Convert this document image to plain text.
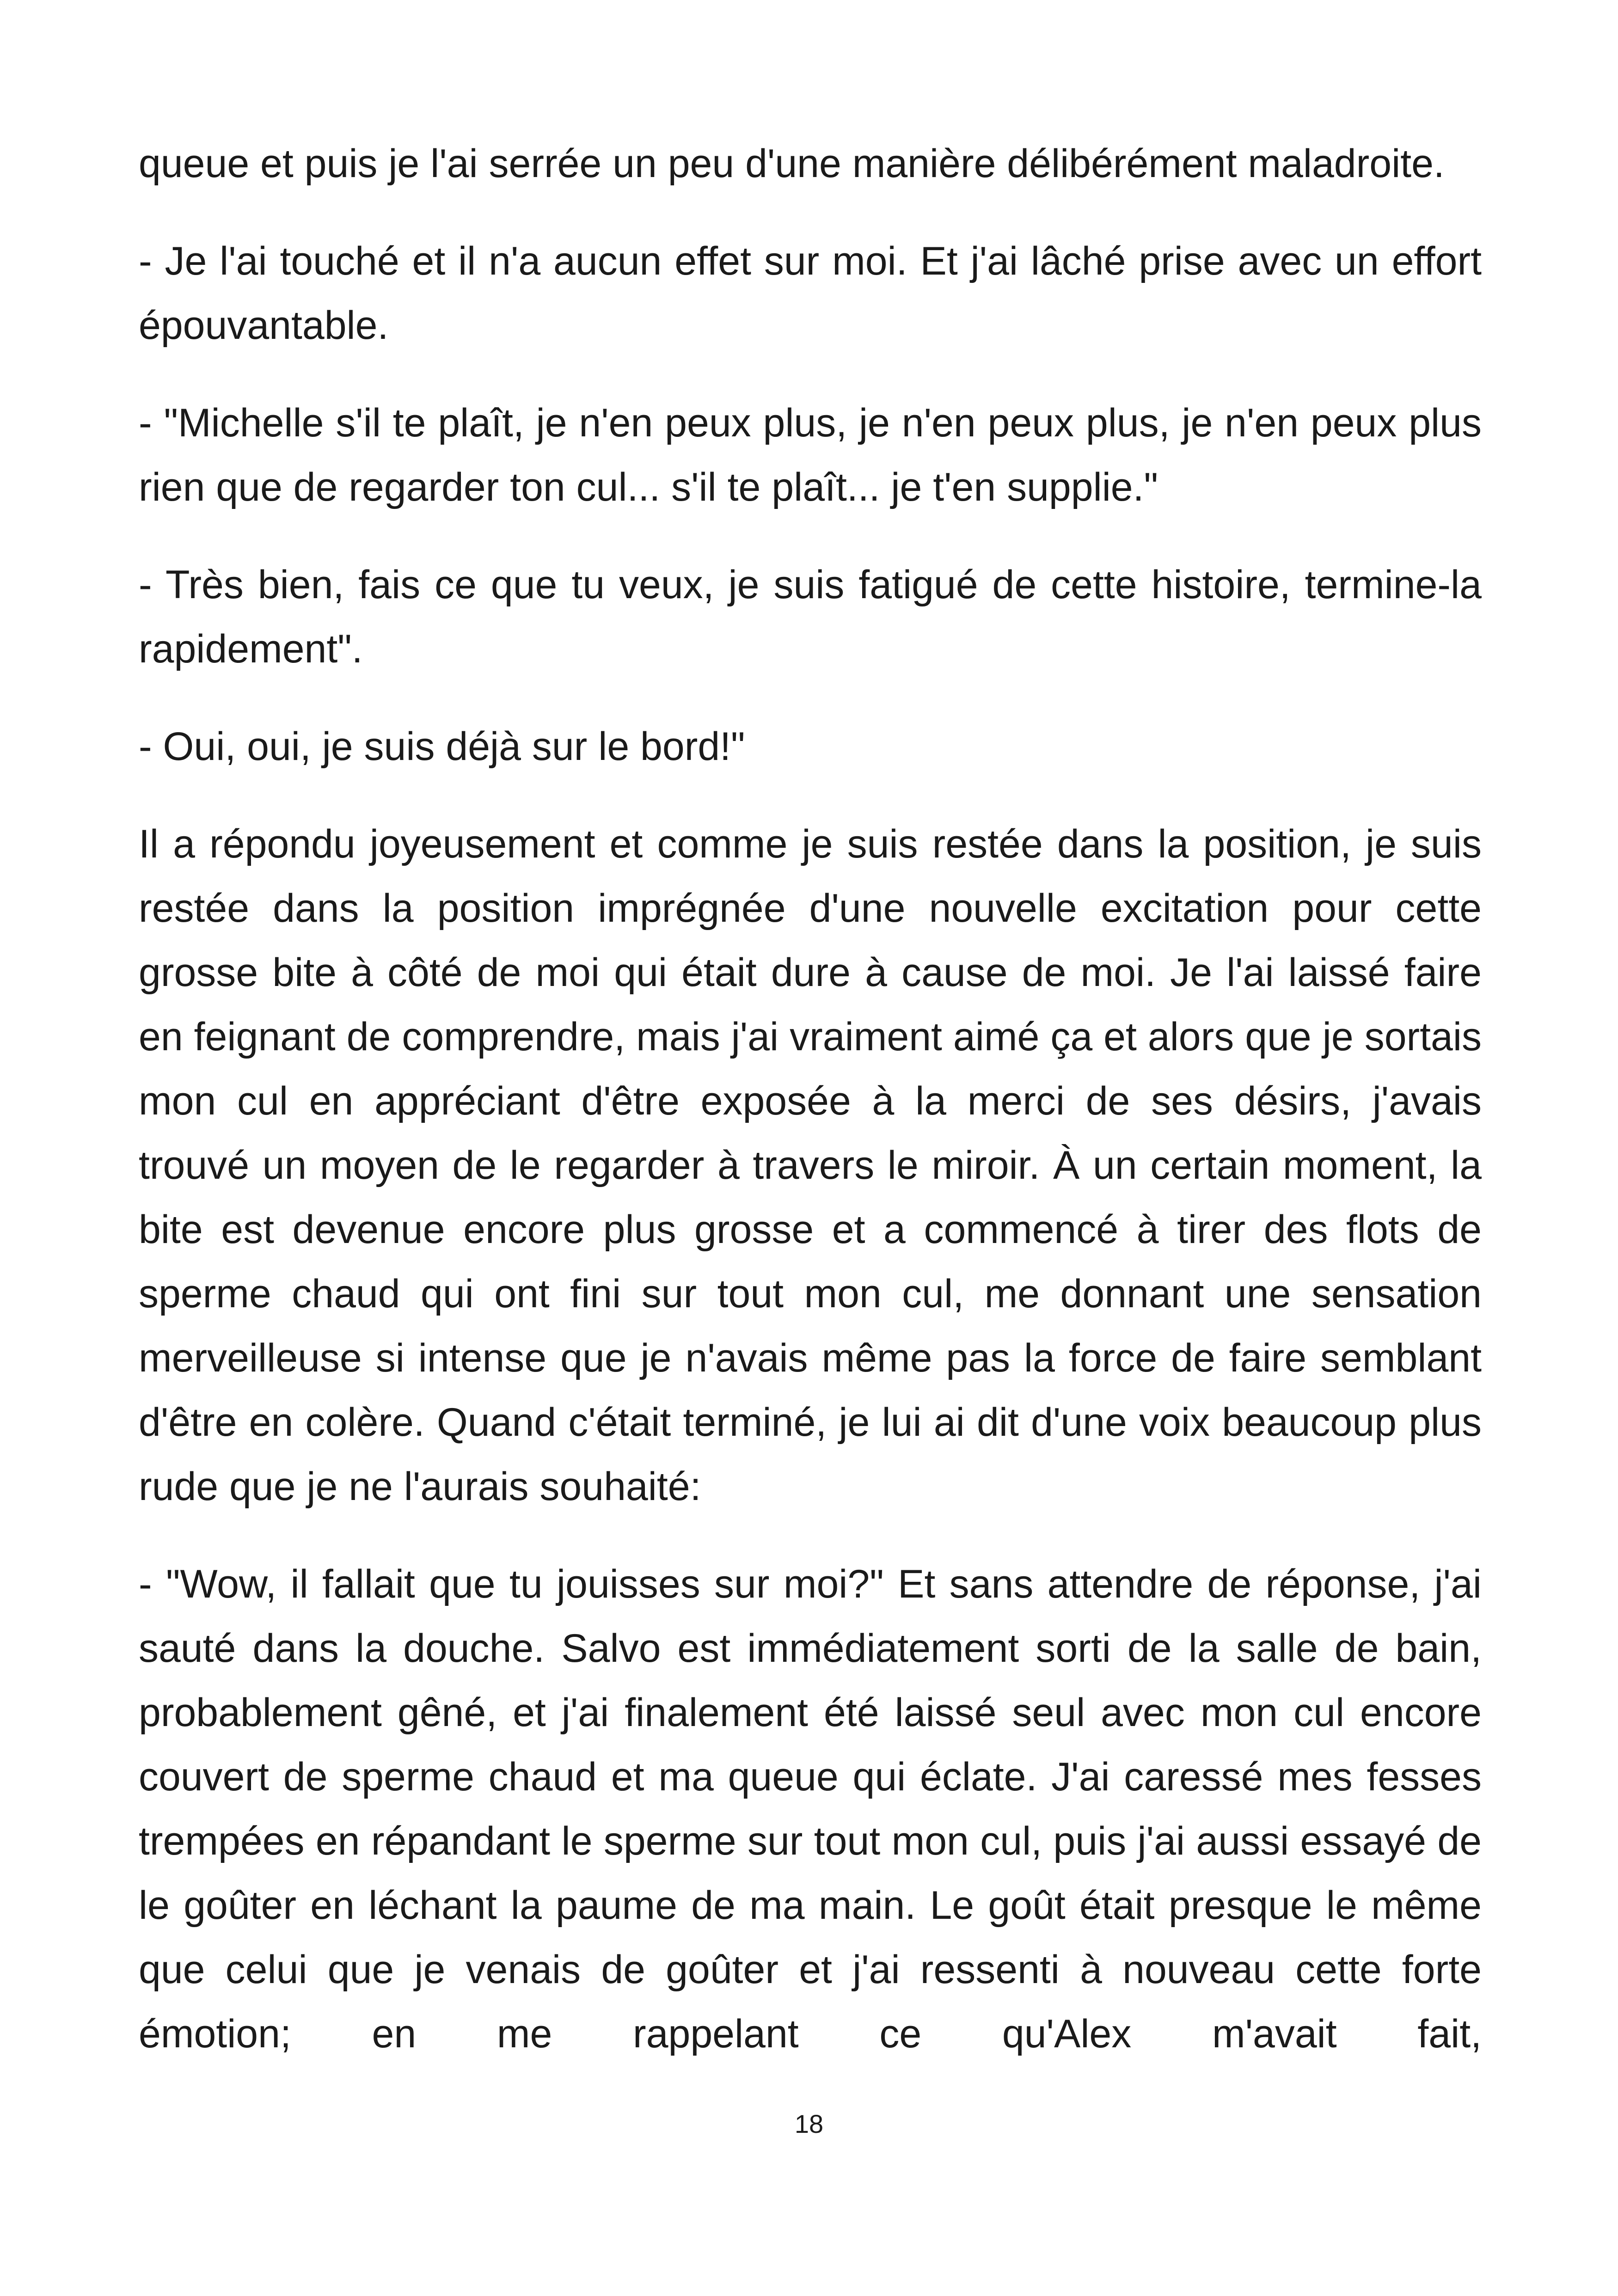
queue et puis je l'ai serrée un peu d'une manière délibérément maladroite.

- Je l'ai touché et il n'a aucun effet sur moi. Et j'ai lâché prise avec un effort épouvantable.

- "Michelle s'il te plaît, je n'en peux plus, je n'en peux plus, je n'en peux plus rien que de regarder ton cul... s'il te plaît... je t'en supplie."

- Très bien, fais ce que tu veux, je suis fatigué de cette histoire, termine-la rapidement".

- Oui, oui, je suis déjà sur le bord!"

Il a répondu joyeusement et comme je suis restée dans la position, je suis restée dans la position imprégnée d'une nouvelle excitation pour cette grosse bite à côté de moi qui était dure à cause de moi. Je l'ai laissé faire en feignant de comprendre, mais j'ai vraiment aimé ça et alors que je sortais mon cul en appréciant d'être exposée à la merci de ses désirs, j'avais trouvé un moyen de le regarder à travers le miroir. À un certain moment, la bite est devenue encore plus grosse et a commencé à tirer des flots de sperme chaud qui ont fini sur tout mon cul, me donnant une sensation merveilleuse si intense que je n'avais même pas la force de faire semblant d'être en colère. Quand c'était terminé, je lui ai dit d'une voix beaucoup plus rude que je ne l'aurais souhaité:

- "Wow, il fallait que tu jouisses sur moi?" Et sans attendre de réponse, j'ai sauté dans la douche. Salvo est immédiatement sorti de la salle de bain, probablement gêné, et j'ai finalement été laissé seul avec mon cul encore couvert de sperme chaud et ma queue qui éclate. J'ai caressé mes fesses trempées en répandant le sperme sur tout mon cul, puis j'ai aussi essayé de le goûter en léchant la paume de ma main. Le goût était presque le même que celui que je venais de goûter et j'ai ressenti à nouveau cette forte émotion; en me rappelant ce qu'Alex m'avait fait,

18
